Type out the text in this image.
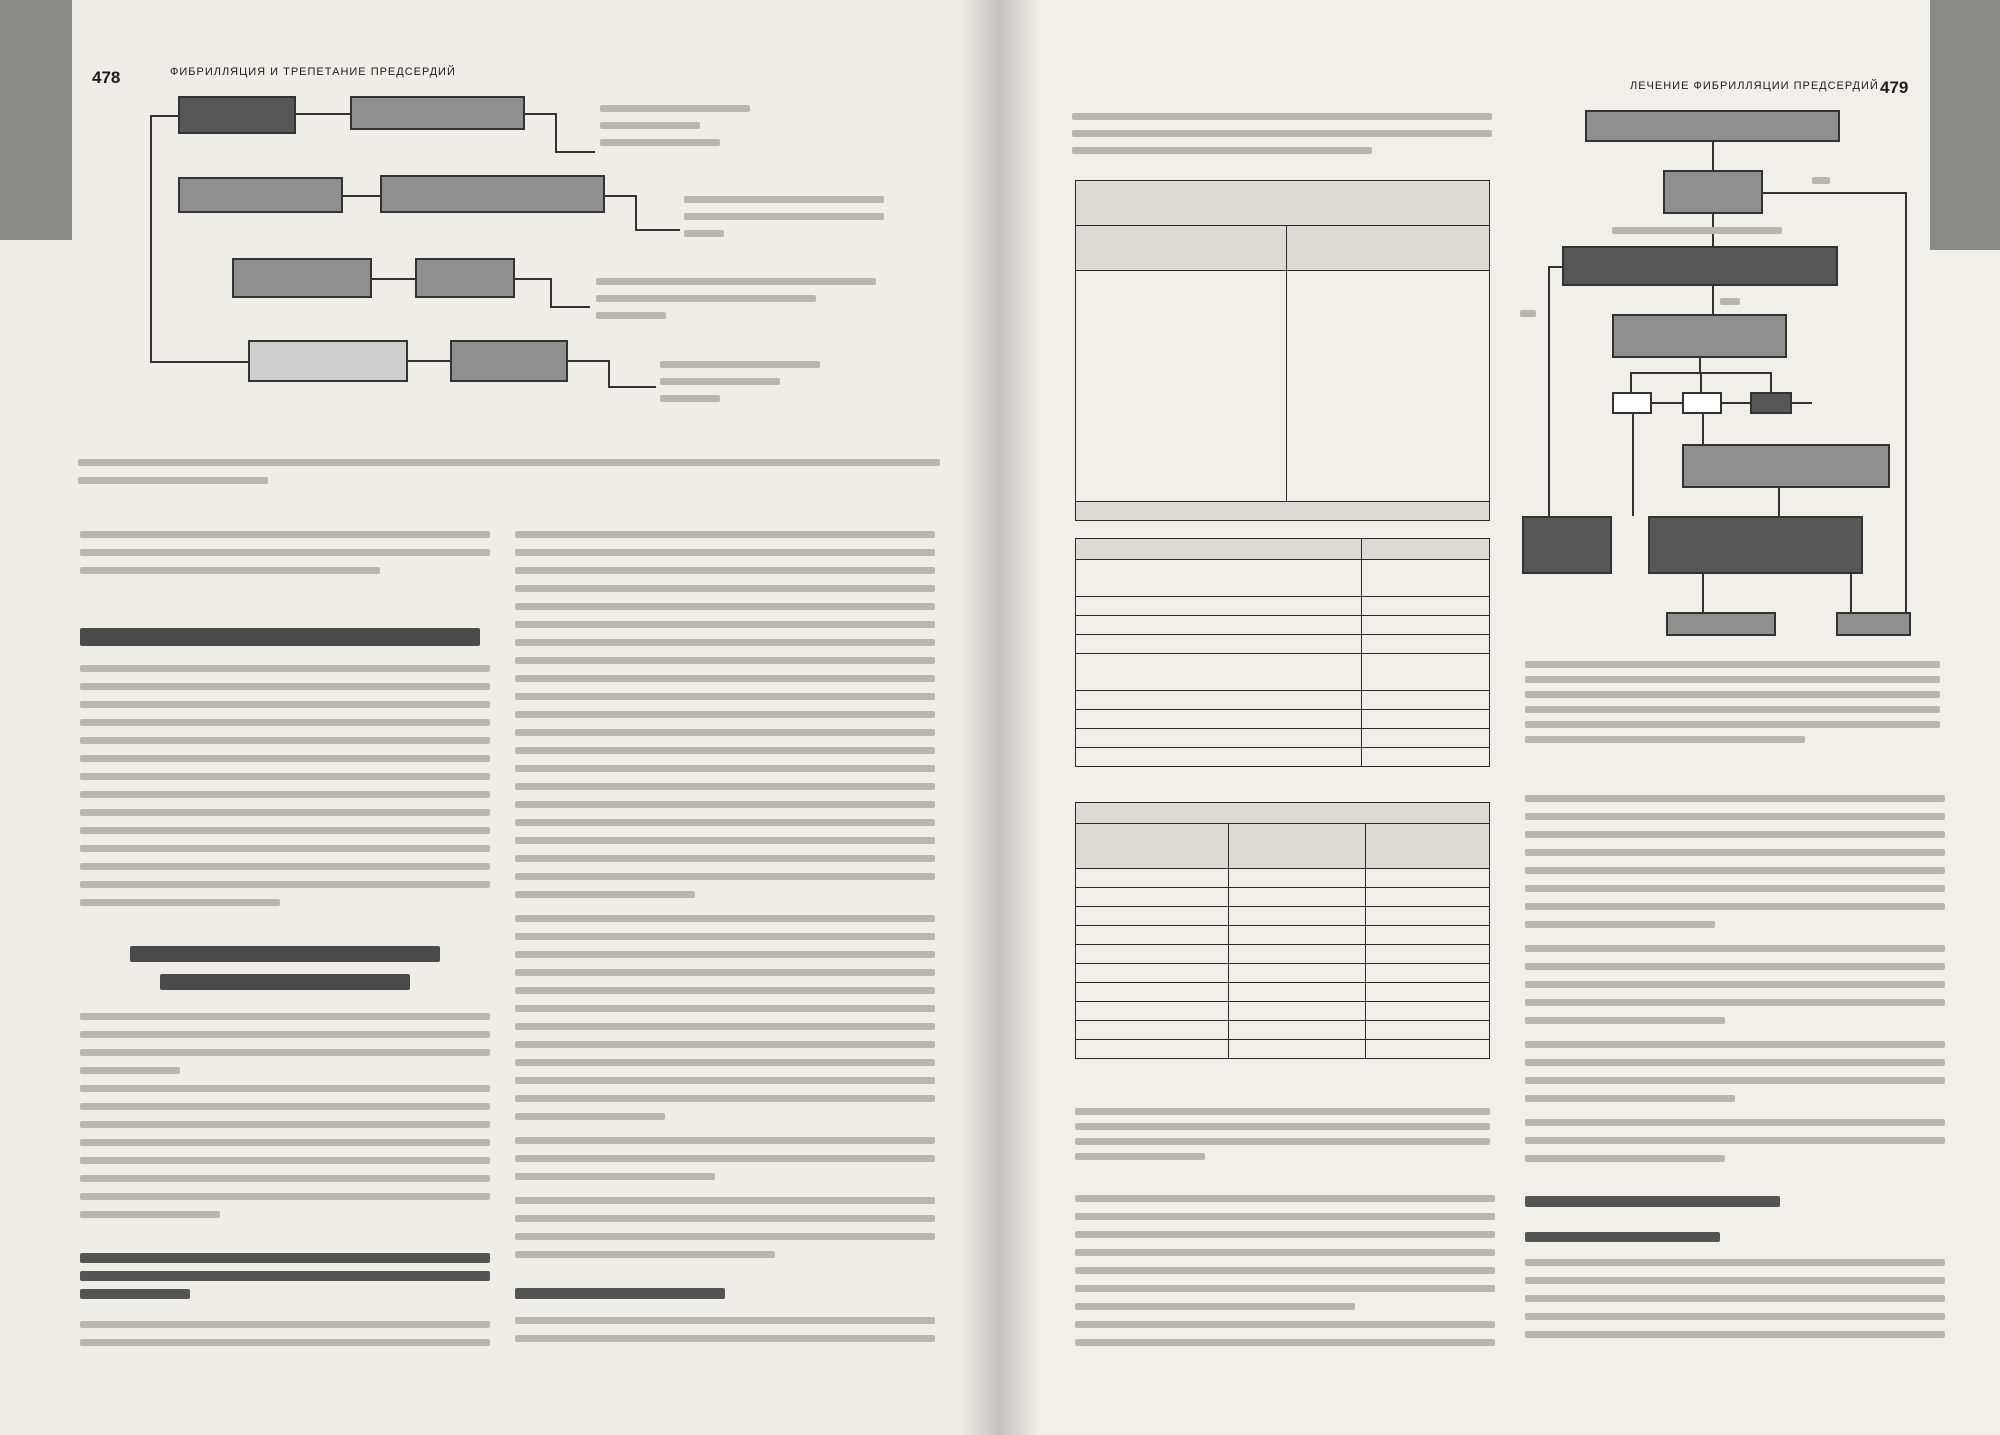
478	ФИБРИЛЛЯЦИЯ И ТРЕПЕТАНИЕ ПРЕДСЕРДИЙ
479
ЛЕЧЕНИЕ ФИБРИЛЛЯЦИИ ПРЕДСЕРДИЙ
